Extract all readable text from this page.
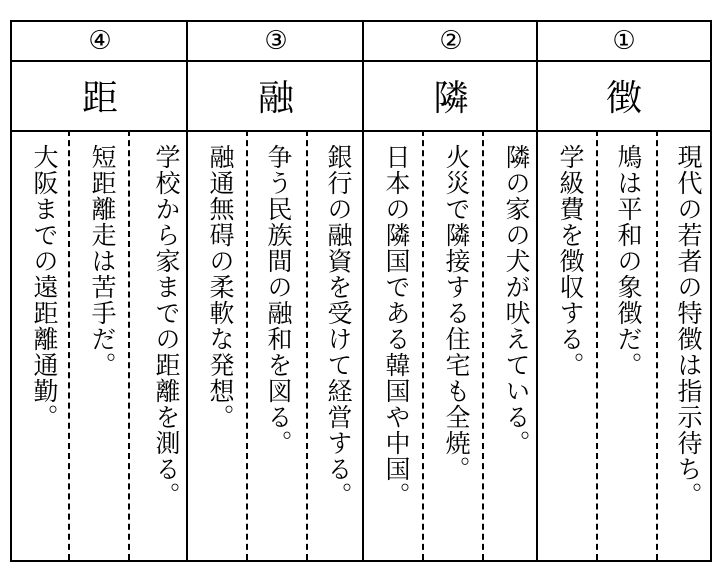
④
距
学校から家までの距離を測る。
短距離走は苦手だ。
大阪までの遠距離通勤。
③
融
銀行の融資を受けて経営する。
争う民族間の融和を図る。
融通無碍の柔軟な発想。
②
隣
隣の家の犬が吠えている。
火災で隣接する住宅も全焼。
日本の隣国である韓国や中国。
①
徴
現代の若者の特徴は指示待ち。
鳩は平和の象徴だ。
学級費を徴収する。
